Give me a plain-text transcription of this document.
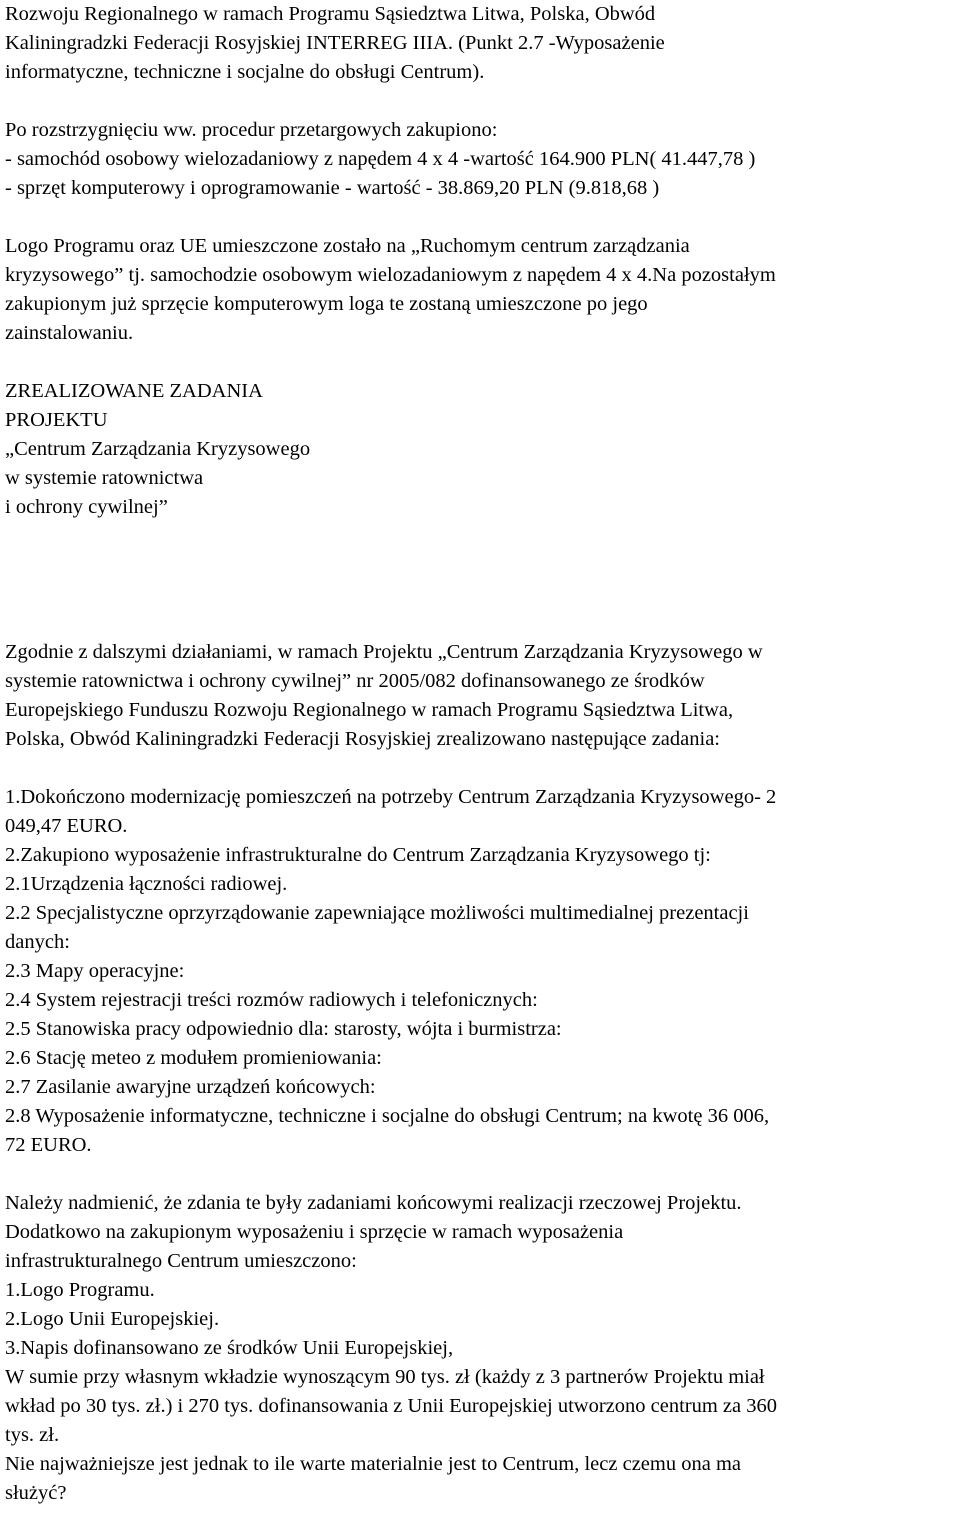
Rozwoju Regionalnego w ramach Programu Sąsiedztwa Litwa, Polska, Obwód
Kaliningradzki Federacji Rosyjskiej INTERREG IIIA. (Punkt 2.7 -Wyposażenie
informatyczne, techniczne i socjalne do obsługi Centrum).
Po rozstrzygnięciu ww. procedur przetargowych zakupiono:
- samochód osobowy wielozadaniowy z napędem 4 x 4 -wartość 164.900 PLN( 41.447,78 )
- sprzęt komputerowy i oprogramowanie - wartość - 38.869,20 PLN (9.818,68 )
Logo Programu oraz UE umieszczone zostało na „Ruchomym centrum zarządzania
kryzysowego” tj. samochodzie osobowym wielozadaniowym z napędem 4 x 4.Na pozostałym
zakupionym już sprzęcie komputerowym loga te zostaną umieszczone po jego
zainstalowaniu.
ZREALIZOWANE ZADANIA
PROJEKTU
„Centrum Zarządzania Kryzysowego
w systemie ratownictwa
i ochrony cywilnej”
Zgodnie z dalszymi działaniami, w ramach Projektu „Centrum Zarządzania Kryzysowego w
systemie ratownictwa i ochrony cywilnej” nr 2005/082 dofinansowanego ze środków
Europejskiego Funduszu Rozwoju Regionalnego w ramach Programu Sąsiedztwa Litwa,
Polska, Obwód Kaliningradzki Federacji Rosyjskiej zrealizowano następujące zadania:
1.Dokończono modernizację pomieszczeń na potrzeby Centrum Zarządzania Kryzysowego- 2
049,47 EURO.
2.Zakupiono wyposażenie infrastrukturalne do Centrum Zarządzania Kryzysowego tj:
2.1Urządzenia łączności radiowej.
2.2 Specjalistyczne oprzyrządowanie zapewniające możliwości multimedialnej prezentacji
danych:
2.3 Mapy operacyjne:
2.4 System rejestracji treści rozmów radiowych i telefonicznych:
2.5 Stanowiska pracy odpowiednio dla: starosty, wójta i burmistrza:
2.6 Stację meteo z modułem promieniowania:
2.7 Zasilanie awaryjne urządzeń końcowych:
2.8 Wyposażenie informatyczne, techniczne i socjalne do obsługi Centrum; na kwotę 36 006,
72 EURO.
Należy nadmienić, że zdania te były zadaniami końcowymi realizacji rzeczowej Projektu.
Dodatkowo na zakupionym wyposażeniu i sprzęcie w ramach wyposażenia
infrastrukturalnego Centrum umieszczono:
1.Logo Programu.
2.Logo Unii Europejskiej.
3.Napis dofinansowano ze środków Unii Europejskiej,
W sumie przy własnym wkładzie wynoszącym 90 tys. zł (każdy z 3 partnerów Projektu miał
wkład po 30 tys. zł.) i 270 tys. dofinansowania z Unii Europejskiej utworzono centrum za 360
tys. zł.
Nie najważniejsze jest jednak to ile warte materialnie jest to Centrum, lecz czemu ona ma
służyć?
